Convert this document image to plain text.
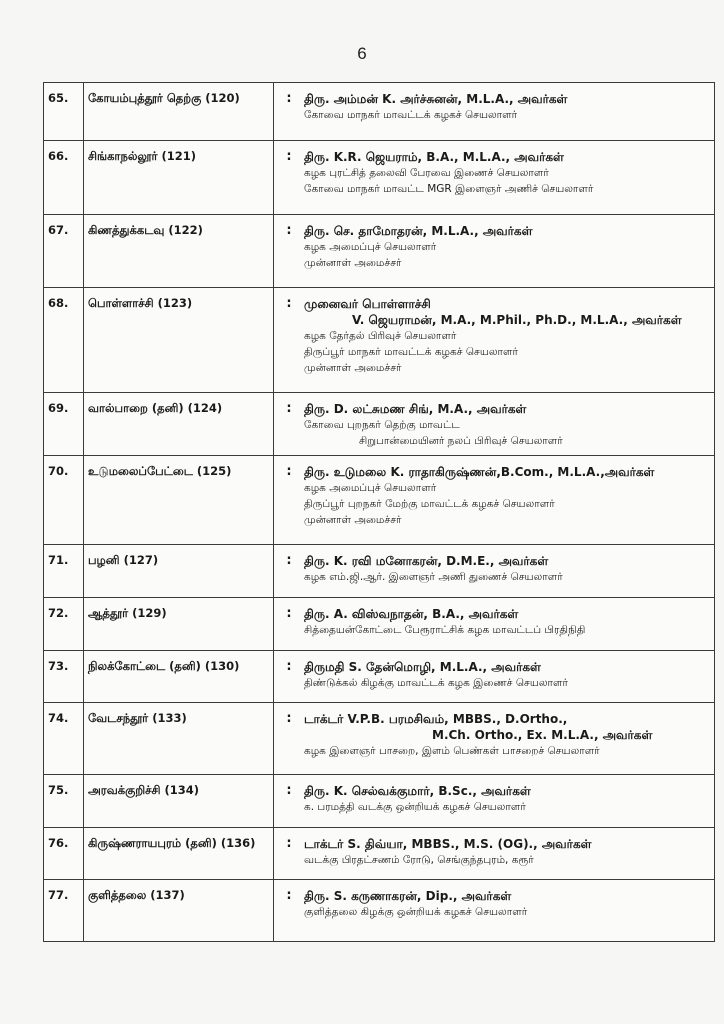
6
65.	கோயம்புத்தூர் தெற்கு (120)	:	திரு. அம்மன் K. அர்ச்சுனன், M.L.A., அவர்கள்
கோவை மாநகர் மாவட்டக் கழகச் செயலாளர்
66.	சிங்காநல்லூர் (121)	:	திரு. K.R. ஜெயராம், B.A., M.L.A., அவர்கள்
கழக புரட்சித் தலைவி பேரவை இணைச் செயலாளர்
கோவை மாநகர் மாவட்ட MGR இளைஞர் அணிச் செயலாளர்
67.	கிணத்துக்கடவு (122)	:	திரு. செ. தாமோதரன், M.L.A., அவர்கள்
கழக அமைப்புச் செயலாளர்
முன்னாள் அமைச்சர்
68.	பொள்ளாச்சி (123)	:	முனைவர் பொள்ளாச்சி
V. ஜெயராமன், M.A., M.Phil., Ph.D., M.L.A., அவர்கள்
கழக தேர்தல் பிரிவுச் செயலாளர்
திருப்பூர் மாநகர் மாவட்டக் கழகச் செயலாளர்
முன்னாள் அமைச்சர்
69.	வால்பாறை (தனி) (124)	:	திரு. D. லட்சுமண சிங், M.A., அவர்கள்
கோவை புறநகர் தெற்கு மாவட்ட
சிறுபான்மையினர் நலப் பிரிவுச் செயலாளர்
70.	உடுமலைப்பேட்டை (125)	:	திரு. உடுமலை K. ராதாகிருஷ்ணன்,B.Com., M.L.A.,அவர்கள்
கழக அமைப்புச் செயலாளர்
திருப்பூர் புறநகர் மேற்கு மாவட்டக் கழகச் செயலாளர்
முன்னாள் அமைச்சர்
71.	பழனி (127)	:	திரு. K. ரவி மனோகரன், D.M.E., அவர்கள்
கழக எம்.ஜி.ஆர். இளைஞர் அணி துணைச் செயலாளர்
72.	ஆத்தூர் (129)	:	திரு. A. விஸ்வநாதன், B.A., அவர்கள்
சித்தையன்கோட்டை பேரூராட்சிக் கழக மாவட்டப் பிரதிநிதி
73.	நிலக்கோட்டை (தனி) (130)	:	திருமதி S. தேன்மொழி, M.L.A., அவர்கள்
திண்டுக்கல் கிழக்கு மாவட்டக் கழக இணைச் செயலாளர்
74.	வேடசந்தூர் (133)	:	டாக்டர் V.P.B. பரமசிவம், MBBS., D.Ortho.,
M.Ch. Ortho., Ex. M.L.A., அவர்கள்
கழக இளைஞர் பாசறை, இளம் பெண்கள் பாசறைச் செயலாளர்
75.	அரவக்குறிச்சி (134)	:	திரு. K. செல்வக்குமார், B.Sc., அவர்கள்
க. பரமத்தி வடக்கு ஒன்றியக் கழகச் செயலாளர்
76.	கிருஷ்ணராயபுரம் (தனி) (136)	:	டாக்டர் S. திவ்யா, MBBS., M.S. (OG)., அவர்கள்
வடக்கு பிரதட்சணம் ரோடு, செங்குந்தபுரம், கரூர்
77.	குளித்தலை (137)	:	திரு. S. கருணாகரன், Dip., அவர்கள்
குளித்தலை கிழக்கு ஒன்றியக் கழகச் செயலாளர்
